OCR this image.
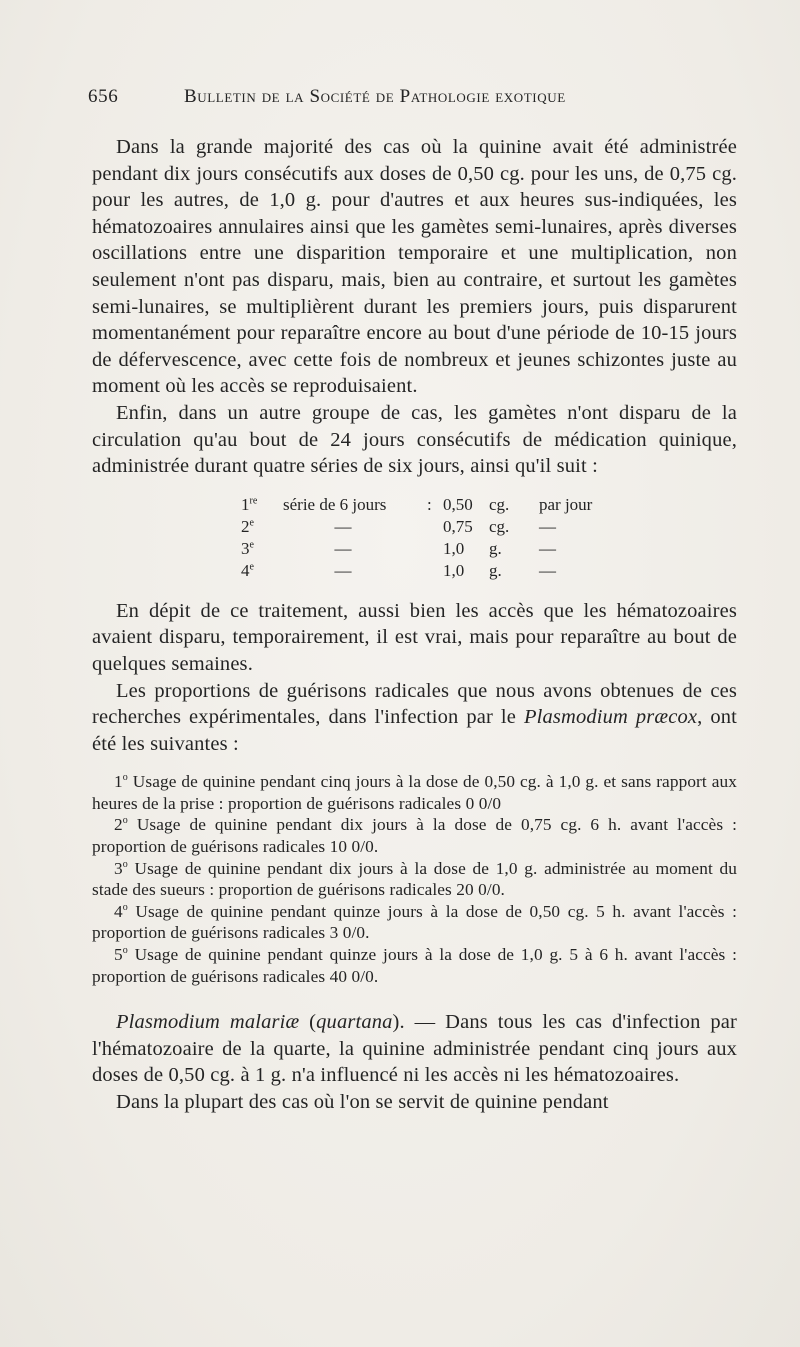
656	Bulletin de la Société de Pathologie exotique

Dans la grande majorité des cas où la quinine avait été administrée pendant dix jours consécutifs aux doses de 0,50 cg. pour les uns, de 0,75 cg. pour les autres, de 1,0 g. pour d'autres et aux heures sus-indiquées, les hématozoaires annulaires ainsi que les gamètes semi-lunaires, après diverses oscillations entre une disparition temporaire et une multiplication, non seulement n'ont pas disparu, mais, bien au contraire, et surtout les gamètes semi-lunaires, se multiplièrent durant les premiers jours, puis disparurent momentanément pour reparaître encore au bout d'une période de 10-15 jours de défervescence, avec cette fois de nombreux et jeunes schizontes juste au moment où les accès se reproduisaient.

Enfin, dans un autre groupe de cas, les gamètes n'ont disparu de la circulation qu'au bout de 24 jours consécutifs de médication quinique, administrée durant quatre séries de six jours, ainsi qu'il suit :

1re	série de 6 jours	:	0,50	cg.	par jour
2e	—		0,75	cg.	—
3e	—		1,0	g.	—
4e	—		1,0	g.	—

En dépit de ce traitement, aussi bien les accès que les hématozoaires avaient disparu, temporairement, il est vrai, mais pour reparaître au bout de quelques semaines.

Les proportions de guérisons radicales que nous avons obtenues de ces recherches expérimentales, dans l'infection par le Plasmodium præcox, ont été les suivantes :

1$^o$ Usage de quinine pendant cinq jours à la dose de 0,50 cg. à 1,0 g. et sans rapport aux heures de la prise : proportion de guérisons radicales 0 0/0

2$^o$ Usage de quinine pendant dix jours à la dose de 0,75 cg. 6 h. avant l'accès : proportion de guérisons radicales 10 0/0.

3$^o$ Usage de quinine pendant dix jours à la dose de 1,0 g. administrée au moment du stade des sueurs : proportion de guérisons radicales 20 0/0.

4$^o$ Usage de quinine pendant quinze jours à la dose de 0,50 cg. 5 h. avant l'accès : proportion de guérisons radicales 3 0/0.

5$^o$ Usage de quinine pendant quinze jours à la dose de 1,0 g. 5 à 6 h. avant l'accès : proportion de guérisons radicales 40 0/0.

Plasmodium malariæ (quartana). — Dans tous les cas d'infection par l'hématozoaire de la quarte, la quinine administrée pendant cinq jours aux doses de 0,50 cg. à 1 g. n'a influencé ni les accès ni les hématozoaires.

Dans la plupart des cas où l'on se servit de quinine pendant
